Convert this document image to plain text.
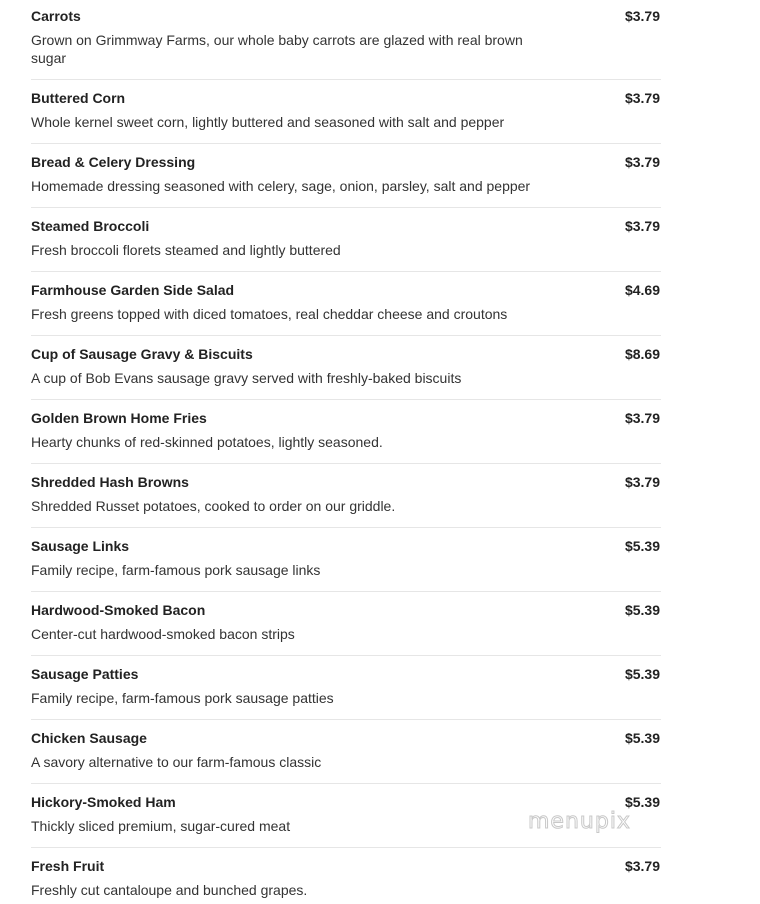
Carrots	$3.79
Grown on Grimmway Farms, our whole baby carrots are glazed with real brown sugar
Buttered Corn	$3.79
Whole kernel sweet corn, lightly buttered and seasoned with salt and pepper
Bread & Celery Dressing	$3.79
Homemade dressing seasoned with celery, sage, onion, parsley, salt and pepper
Steamed Broccoli	$3.79
Fresh broccoli florets steamed and lightly buttered
Farmhouse Garden Side Salad	$4.69
Fresh greens topped with diced tomatoes, real cheddar cheese and croutons
Cup of Sausage Gravy & Biscuits	$8.69
A cup of Bob Evans sausage gravy served with freshly-baked biscuits
Golden Brown Home Fries	$3.79
Hearty chunks of red-skinned potatoes, lightly seasoned.
Shredded Hash Browns	$3.79
Shredded Russet potatoes, cooked to order on our griddle.
Sausage Links	$5.39
Family recipe, farm-famous pork sausage links
Hardwood-Smoked Bacon	$5.39
Center-cut hardwood-smoked bacon strips
Sausage Patties	$5.39
Family recipe, farm-famous pork sausage patties
Chicken Sausage	$5.39
A savory alternative to our farm-famous classic
Hickory-Smoked Ham	$5.39
Thickly sliced premium, sugar-cured meat
Fresh Fruit	$3.79
Freshly cut cantaloupe and bunched grapes.
menupix
